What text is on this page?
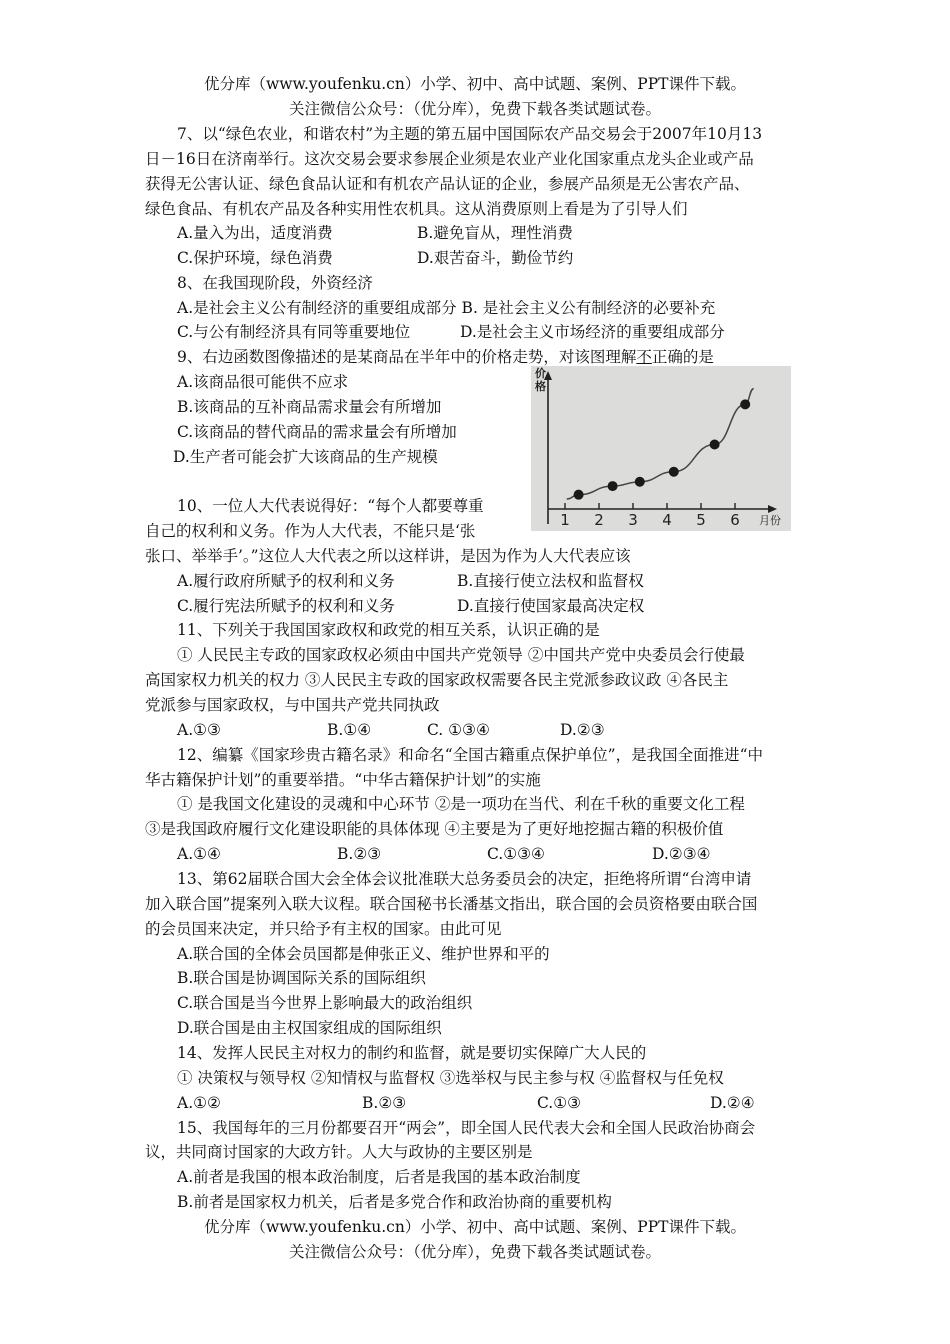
优分库（www.youfenku.cn）小学、初中、高中试题、案例、PPT课件下载。
关注微信公众号：（优分库），免费下载各类试题试卷。
7、以“绿色农业，和谐农村”为主题的第五届中国国际农产品交易会于2007年10月13
日－16日在济南举行。这次交易会要求参展企业须是农业产业化国家重点龙头企业或产品
获得无公害认证、绿色食品认证和有机农产品认证的企业，参展产品须是无公害农产品、
绿色食品、有机农产品及各种实用性农机具。这从消费原则上看是为了引导人们
A.量入为出，适度消费	B.避免盲从，理性消费
C.保护环境，绿色消费	D.艰苦奋斗，勤俭节约
8、在我国现阶段，外资经济
A.是社会主义公有制经济的重要组成部分 B. 是社会主义公有制经济的必要补充
C.与公有制经济具有同等重要地位	D.是社会主义市场经济的重要组成部分
9、右边函数图像描述的是某商品在半年中的价格走势，对该图理解不正确的是
A.该商品很可能供不应求
B.该商品的互补商品需求量会有所增加
C.该商品的替代商品的需求量会有所增加
D.生产者可能会扩大该商品的生产规模
价
格
月份
1 2 3 4 5 6
10、一位人大代表说得好：“每个人都要尊重
自己的权利和义务。作为人大代表，不能只是‘张
张口、举举手’。”这位人大代表之所以这样讲，是因为作为人大代表应该
A.履行政府所赋予的权利和义务	B.直接行使立法权和监督权
C.履行宪法所赋予的权利和义务	D.直接行使国家最高决定权
11、下列关于我国国家政权和政党的相互关系，认识正确的是
① 人民民主专政的国家政权必须由中国共产党领导 ②中国共产党中央委员会行使最
高国家权力机关的权力 ③人民民主专政的国家政权需要各民主党派参政议政 ④各民主
党派参与国家政权，与中国共产党共同执政
A.①③	B.①④	C. ①③④	D.②③
12、编纂《国家珍贵古籍名录》和命名“全国古籍重点保护单位”，是我国全面推进“中
华古籍保护计划”的重要举措。“中华古籍保护计划”的实施
① 是我国文化建设的灵魂和中心环节 ②是一项功在当代、利在千秋的重要文化工程
③是我国政府履行文化建设职能的具体体现 ④主要是为了更好地挖掘古籍的积极价值
A.①④	B.②③	C.①③④	D.②③④
13、第62届联合国大会全体会议批准联大总务委员会的决定，拒绝将所谓“台湾申请
加入联合国”提案列入联大议程。联合国秘书长潘基文指出，联合国的会员资格要由联合国
的会员国来决定，并只给予有主权的国家。由此可见
A.联合国的全体会员国都是伸张正义、维护世界和平的
B.联合国是协调国际关系的国际组织
C.联合国是当今世界上影响最大的政治组织
D.联合国是由主权国家组成的国际组织
14、发挥人民民主对权力的制约和监督，就是要切实保障广大人民的
① 决策权与领导权 ②知情权与监督权 ③选举权与民主参与权 ④监督权与任免权
A.①②	B.②③	C.①③	D.②④
15、我国每年的三月份都要召开“两会”，即全国人民代表大会和全国人民政治协商会
议，共同商讨国家的大政方针。人大与政协的主要区别是
A.前者是我国的根本政治制度，后者是我国的基本政治制度
B.前者是国家权力机关，后者是多党合作和政治协商的重要机构
优分库（www.youfenku.cn）小学、初中、高中试题、案例、PPT课件下载。
关注微信公众号：（优分库），免费下载各类试题试卷。
